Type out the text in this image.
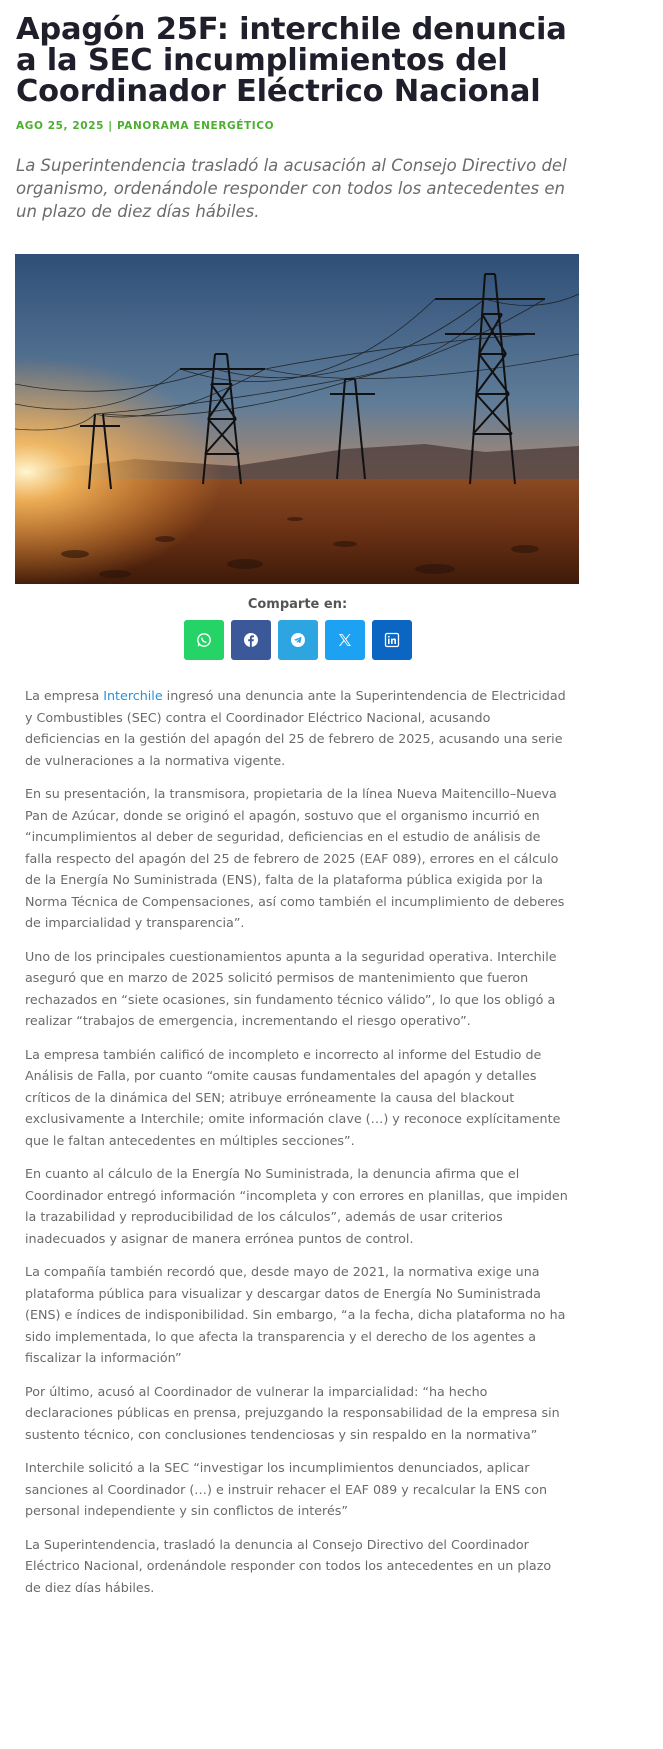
Apagón 25F: interchile denuncia a la SEC incumplimientos del Coordinador Eléctrico Nacional
AGO 25, 2025 | PANORAMA ENERGÉTICO
La Superintendencia trasladó la acusación al Consejo Directivo del organismo, ordenándole responder con todos los antecedentes en un plazo de diez días hábiles.
Comparte en:

La empresa Interchile ingresó una denuncia ante la Superintendencia de Electricidad y Combustibles (SEC) contra el Coordinador Eléctrico Nacional, acusando deficiencias en la gestión del apagón del 25 de febrero de 2025, acusando una serie de vulneraciones a la normativa vigente.

En su presentación, la transmisora, propietaria de la línea Nueva Maitencillo–Nueva Pan de Azúcar, donde se originó el apagón, sostuvo que el organismo incurrió en “incumplimientos al deber de seguridad, deficiencias en el estudio de análisis de falla respecto del apagón del 25 de febrero de 2025 (EAF 089), errores en el cálculo de la Energía No Suministrada (ENS), falta de la plataforma pública exigida por la Norma Técnica de Compensaciones, así como también el incumplimiento de deberes de imparcialidad y transparencia”.

Uno de los principales cuestionamientos apunta a la seguridad operativa. Interchile aseguró que en marzo de 2025 solicitó permisos de mantenimiento que fueron rechazados en “siete ocasiones, sin fundamento técnico válido”, lo que los obligó a realizar “trabajos de emergencia, incrementando el riesgo operativo”.

La empresa también calificó de incompleto e incorrecto al informe del Estudio de Análisis de Falla, por cuanto “omite causas fundamentales del apagón y detalles críticos de la dinámica del SEN; atribuye erróneamente la causa del blackout exclusivamente a Interchile; omite información clave (…) y reconoce explícitamente que le faltan antecedentes en múltiples secciones”.

En cuanto al cálculo de la Energía No Suministrada, la denuncia afirma que el Coordinador entregó información “incompleta y con errores en planillas, que impiden la trazabilidad y reproducibilidad de los cálculos”, además de usar criterios inadecuados y asignar de manera errónea puntos de control.

La compañía también recordó que, desde mayo de 2021, la normativa exige una plataforma pública para visualizar y descargar datos de Energía No Suministrada (ENS) e índices de indisponibilidad. Sin embargo, “a la fecha, dicha plataforma no ha sido implementada, lo que afecta la transparencia y el derecho de los agentes a fiscalizar la información”

Por último, acusó al Coordinador de vulnerar la imparcialidad: “ha hecho declaraciones públicas en prensa, prejuzgando la responsabilidad de la empresa sin sustento técnico, con conclusiones tendenciosas y sin respaldo en la normativa”

Interchile solicitó a la SEC “investigar los incumplimientos denunciados, aplicar sanciones al Coordinador (…) e instruir rehacer el EAF 089 y recalcular la ENS con personal independiente y sin conflictos de interés”

La Superintendencia, trasladó la denuncia al Consejo Directivo del Coordinador Eléctrico Nacional, ordenándole responder con todos los antecedentes en un plazo de diez días hábiles.
